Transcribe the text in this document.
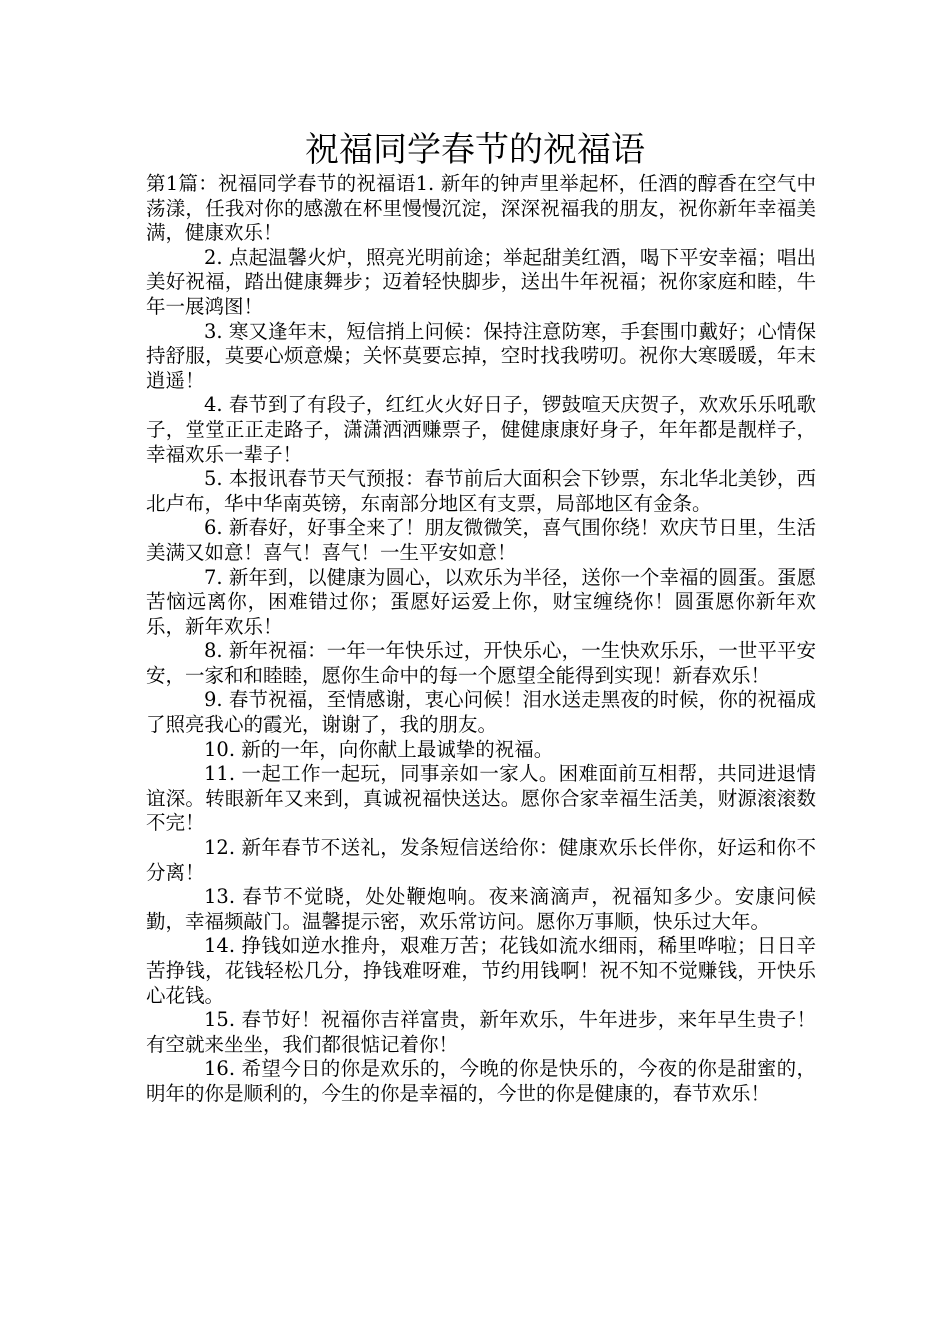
祝福同学春节的祝福语

第1篇：祝福同学春节的祝福语1. 新年的钟声里举起杯，任酒的醇香在空气中荡漾，任我对你的感激在杯里慢慢沉淀，深深祝福我的朋友，祝你新年幸福美满，健康欢乐！

2. 点起温馨火炉，照亮光明前途；举起甜美红酒，喝下平安幸福；唱出美好祝福，踏出健康舞步；迈着轻快脚步，送出牛年祝福；祝你家庭和睦，牛年一展鸿图！

3. 寒又逢年末，短信捎上问候：保持注意防寒，手套围巾戴好；心情保持舒服，莫要心烦意燥；关怀莫要忘掉，空时找我唠叨。祝你大寒暖暖，年末逍遥！

4. 春节到了有段子，红红火火好日子，锣鼓喧天庆贺子，欢欢乐乐吼歌子，堂堂正正走路子，潇潇洒洒赚票子，健健康康好身子，年年都是靓样子，幸福欢乐一辈子！

5. 本报讯春节天气预报：春节前后大面积会下钞票，东北华北美钞，西北卢布，华中华南英镑，东南部分地区有支票，局部地区有金条。

6. 新春好，好事全来了！朋友微微笑，喜气围你绕！欢庆节日里，生活美满又如意！喜气！喜气！一生平安如意！

7. 新年到，以健康为圆心，以欢乐为半径，送你一个幸福的圆蛋。蛋愿苦恼远离你，困难错过你；蛋愿好运爱上你，财宝缠绕你！圆蛋愿你新年欢乐，新年欢乐！

8. 新年祝福：一年一年快乐过，开快乐心，一生快欢乐乐，一世平平安安，一家和和睦睦，愿你生命中的每一个愿望全能得到实现！新春欢乐！

9. 春节祝福，至情感谢，衷心问候！泪水送走黑夜的时候，你的祝福成了照亮我心的霞光，谢谢了，我的朋友。

10. 新的一年，向你献上最诚挚的祝福。

11. 一起工作一起玩，同事亲如一家人。困难面前互相帮，共同进退情谊深。转眼新年又来到，真诚祝福快送达。愿你合家幸福生活美，财源滚滚数不完！

12. 新年春节不送礼，发条短信送给你：健康欢乐长伴你，好运和你不分离！

13. 春节不觉晓，处处鞭炮响。夜来滴滴声，祝福知多少。安康问候勤，幸福频敲门。温馨提示密，欢乐常访问。愿你万事顺，快乐过大年。

14. 挣钱如逆水推舟，艰难万苦；花钱如流水细雨，稀里哗啦；日日辛苦挣钱，花钱轻松几分，挣钱难呀难，节约用钱啊！祝不知不觉赚钱，开快乐心花钱。

15. 春节好！祝福你吉祥富贵，新年欢乐，牛年进步，来年早生贵子！有空就来坐坐，我们都很惦记着你！

16. 希望今日的你是欢乐的，今晚的你是快乐的，今夜的你是甜蜜的，明年的你是顺利的，今生的你是幸福的，今世的你是健康的，春节欢乐！
